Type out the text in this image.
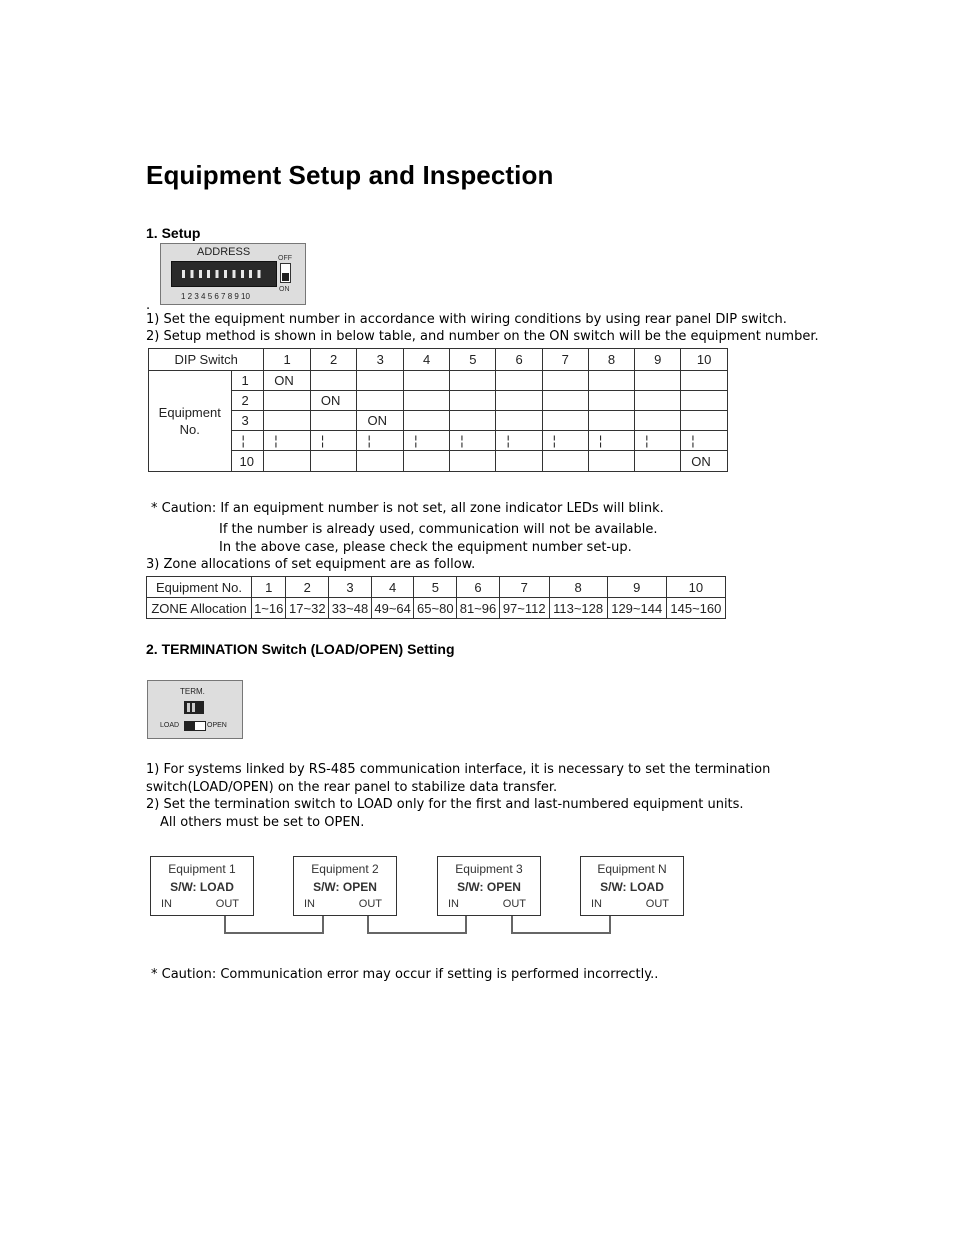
Equipment Setup and Inspection
1. Setup
ADDRESS
OFF
ON
1 2 3 4 5 6 7 8 9 10
.
1) Set the equipment number in accordance with wiring conditions by using rear panel DIP switch.
2) Setup method is shown in below table, and number on the ON switch will be the equipment number.
DIP Switch		1	2	3	4	5	6	7	8	9	10
Equipment No.	1	ON									
	2		ON								
	3			ON							
	¦	¦	¦	¦	¦	¦	¦	¦	¦	¦	¦
	10										ON
* Caution: If an equipment number is not set, all zone indicator LEDs will blink.
If the number is already used, communication will not be available.
In the above case, please check the equipment number set-up.
3) Zone allocations of set equipment are as follow.
Equipment No.	1	2	3	4	5	6	7	8	9	10
ZONE Allocation	1~16	17~32	33~48	49~64	65~80	81~96	97~112	113~128	129~144	145~160
2. TERMINATION Switch (LOAD/OPEN) Setting
TERM.
LOAD	OPEN
1) For systems linked by RS-485 communication interface, it is necessary to set the termination
switch(LOAD/OPEN) on the rear panel to stabilize data transfer.
2) Set the termination switch to LOAD only for the first and last-numbered equipment units.
All others must be set to OPEN.
Equipment 1
S/W: LOAD
IN	OUT
Equipment 2
S/W: OPEN
IN	OUT
Equipment 3
S/W: OPEN
IN	OUT
Equipment N
S/W: LOAD
IN	OUT
* Caution: Communication error may occur if setting is performed incorrectly..
